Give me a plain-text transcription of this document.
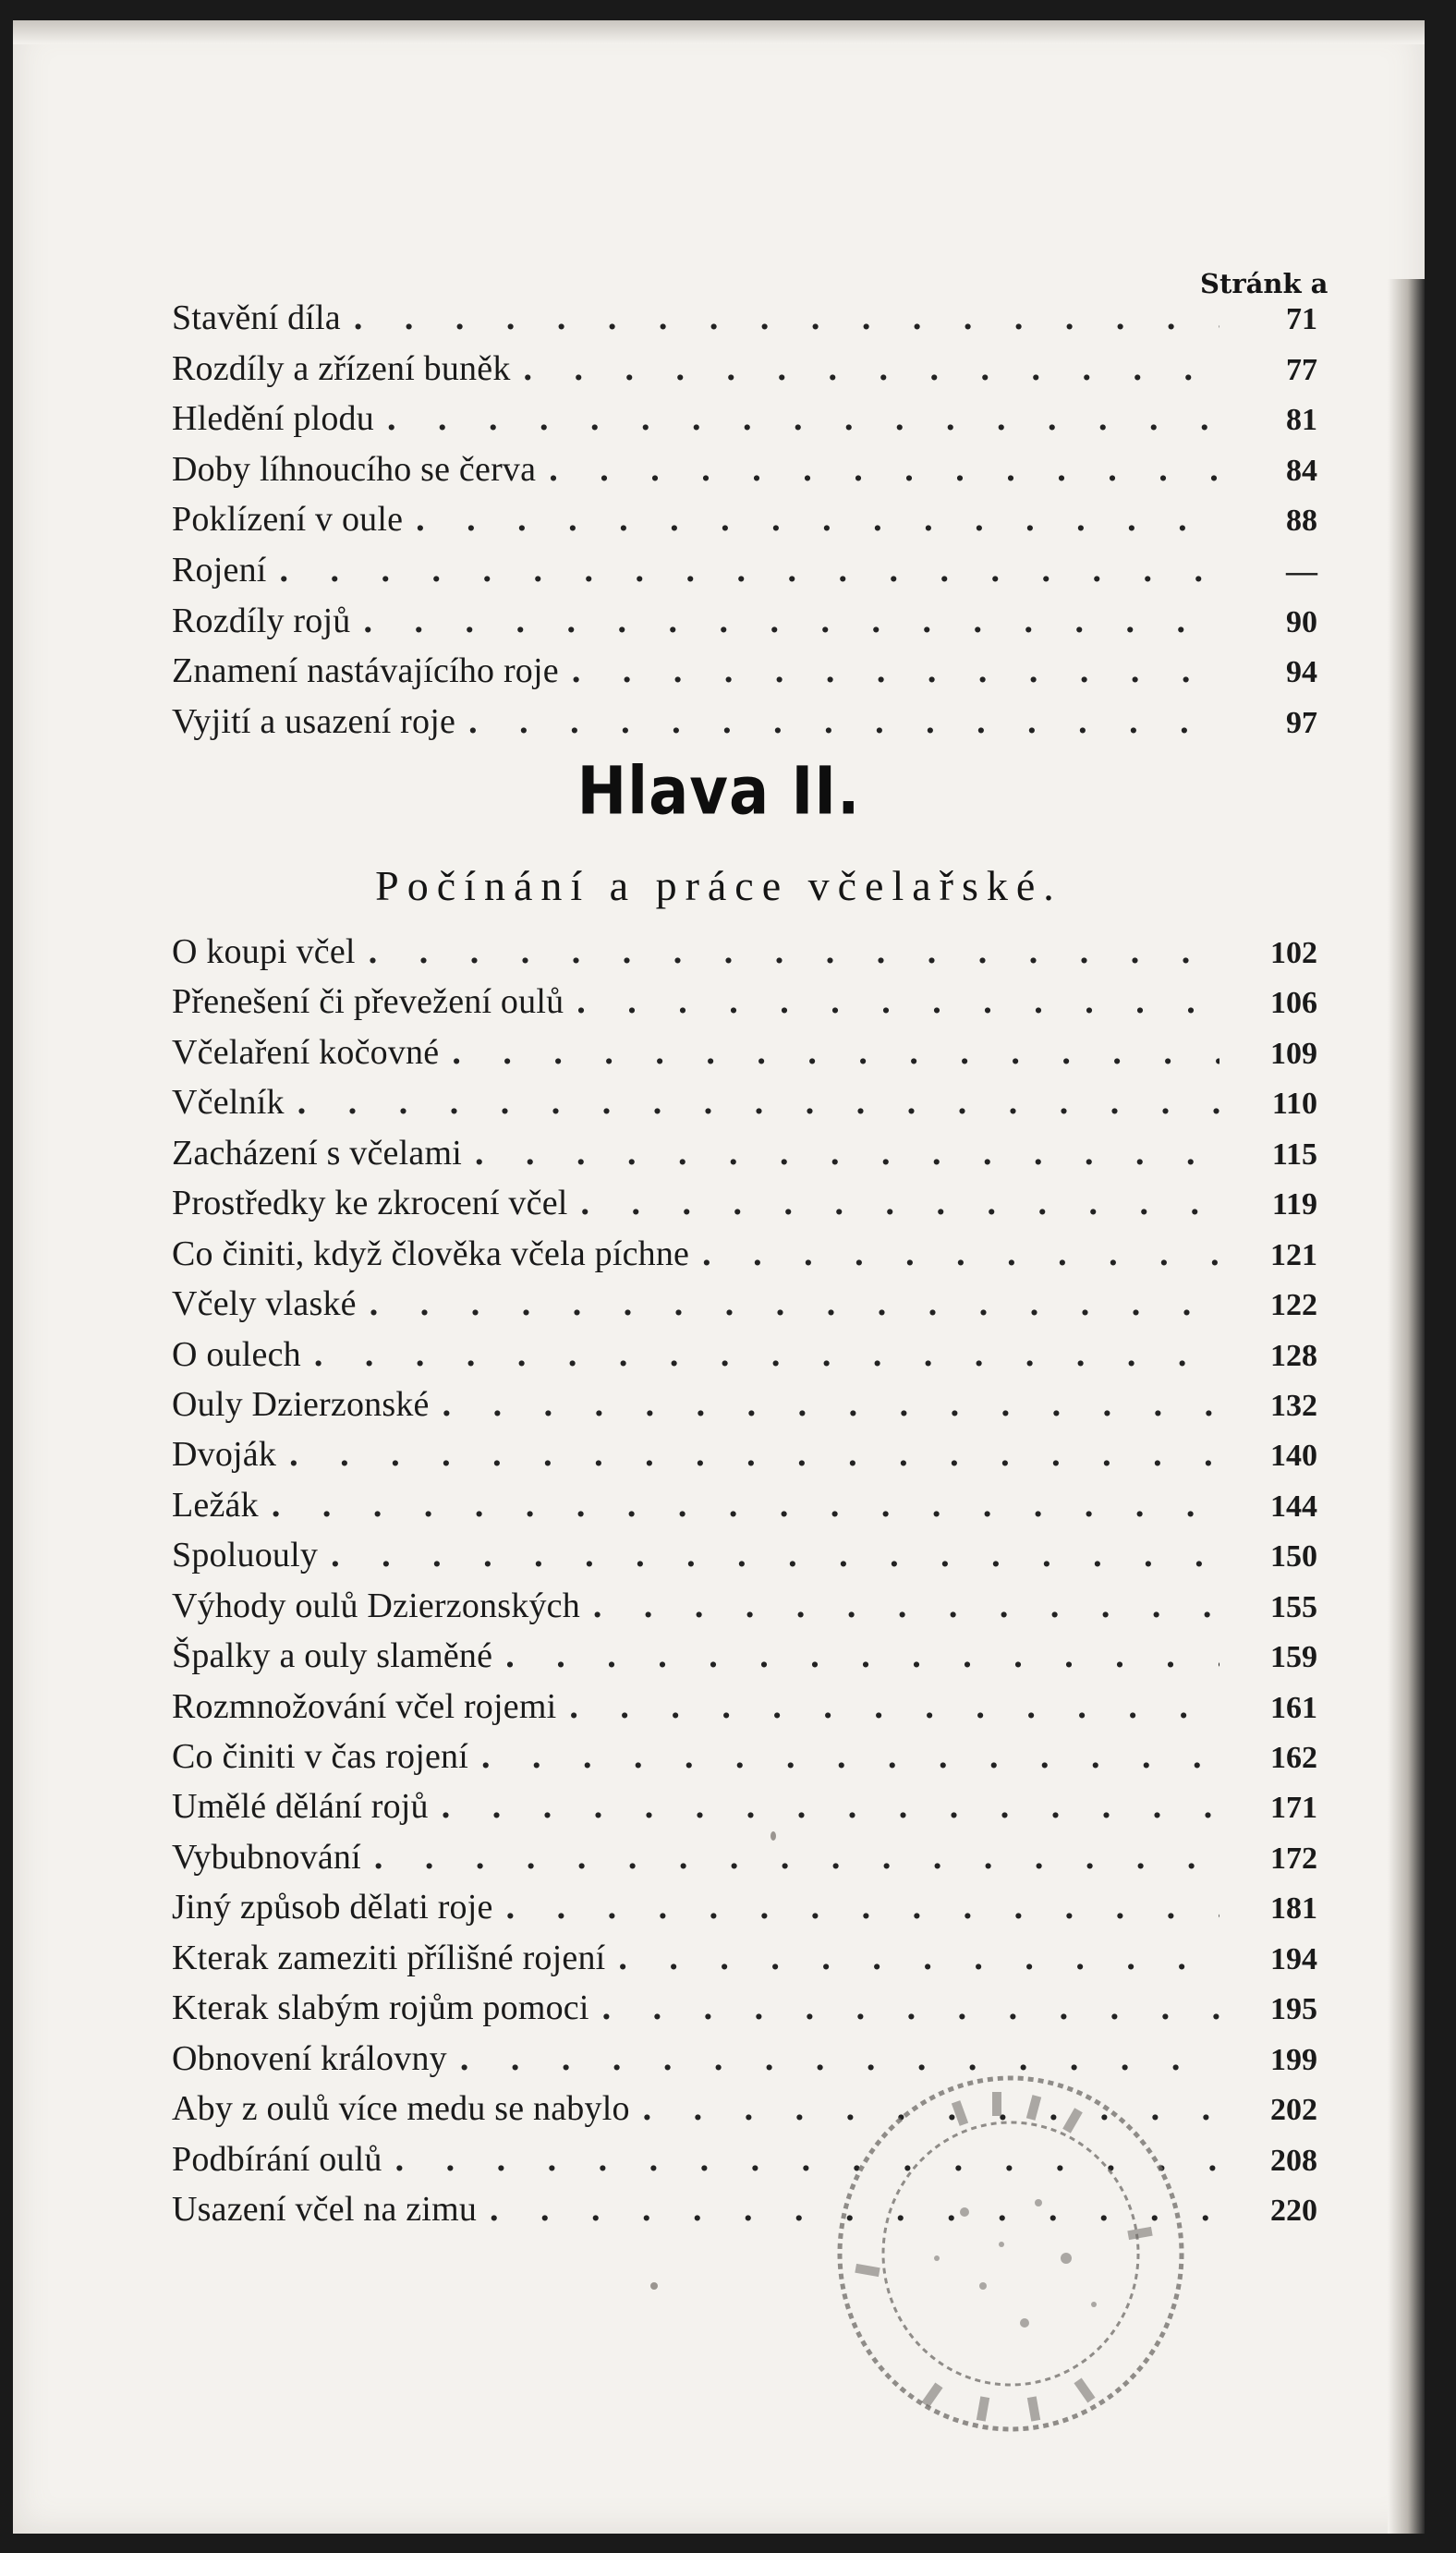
Stránk a
Stavění díla . . .	71
Rozdíly a zřízení buněk . . .	77
Hledění plodu . . .	81
Doby líhnoucího se červa . . .	84
Poklízení v oule . . .	88
Rojení . . .	—
Rozdíly rojů . . .	90
Znamení nastávajícího roje . . .	94
Vyjití a usazení roje . . .	97
Hlava II.
Počínání a práce včelařské.
O koupi včel . . .	102
Přenešení či převežení oulů . . .	106
Včelaření kočovné . . .	109
Včelník . . .	110
Zacházení s včelami . . .	115
Prostředky ke zkrocení včel . . .	119
Co činiti, když člověka včela píchne . . .	121
Včely vlaské . . .	122
O oulech . . .	128
Ouly Dzierzonské . . .	132
Dvoják . . .	140
Ležák . . .	144
Spoluouly . . .	150
Výhody oulů Dzierzonských . . .	155
Špalky a ouly slaměné . . .	159
Rozmnožování včel rojemi . . .	161
Co činiti v čas rojení . . .	162
Umělé dělání rojů . . .	171
Vybubnování . . .	172
Jiný způsob dělati roje . . .	181
Kterak zameziti přílišné rojení . . .	194
Kterak slabým rojům pomoci . . .	195
Obnovení královny . . .	199
Aby z oulů více medu se nabylo . . .	202
Podbírání oulů . . .	208
Usazení včel na zimu . . .	220
